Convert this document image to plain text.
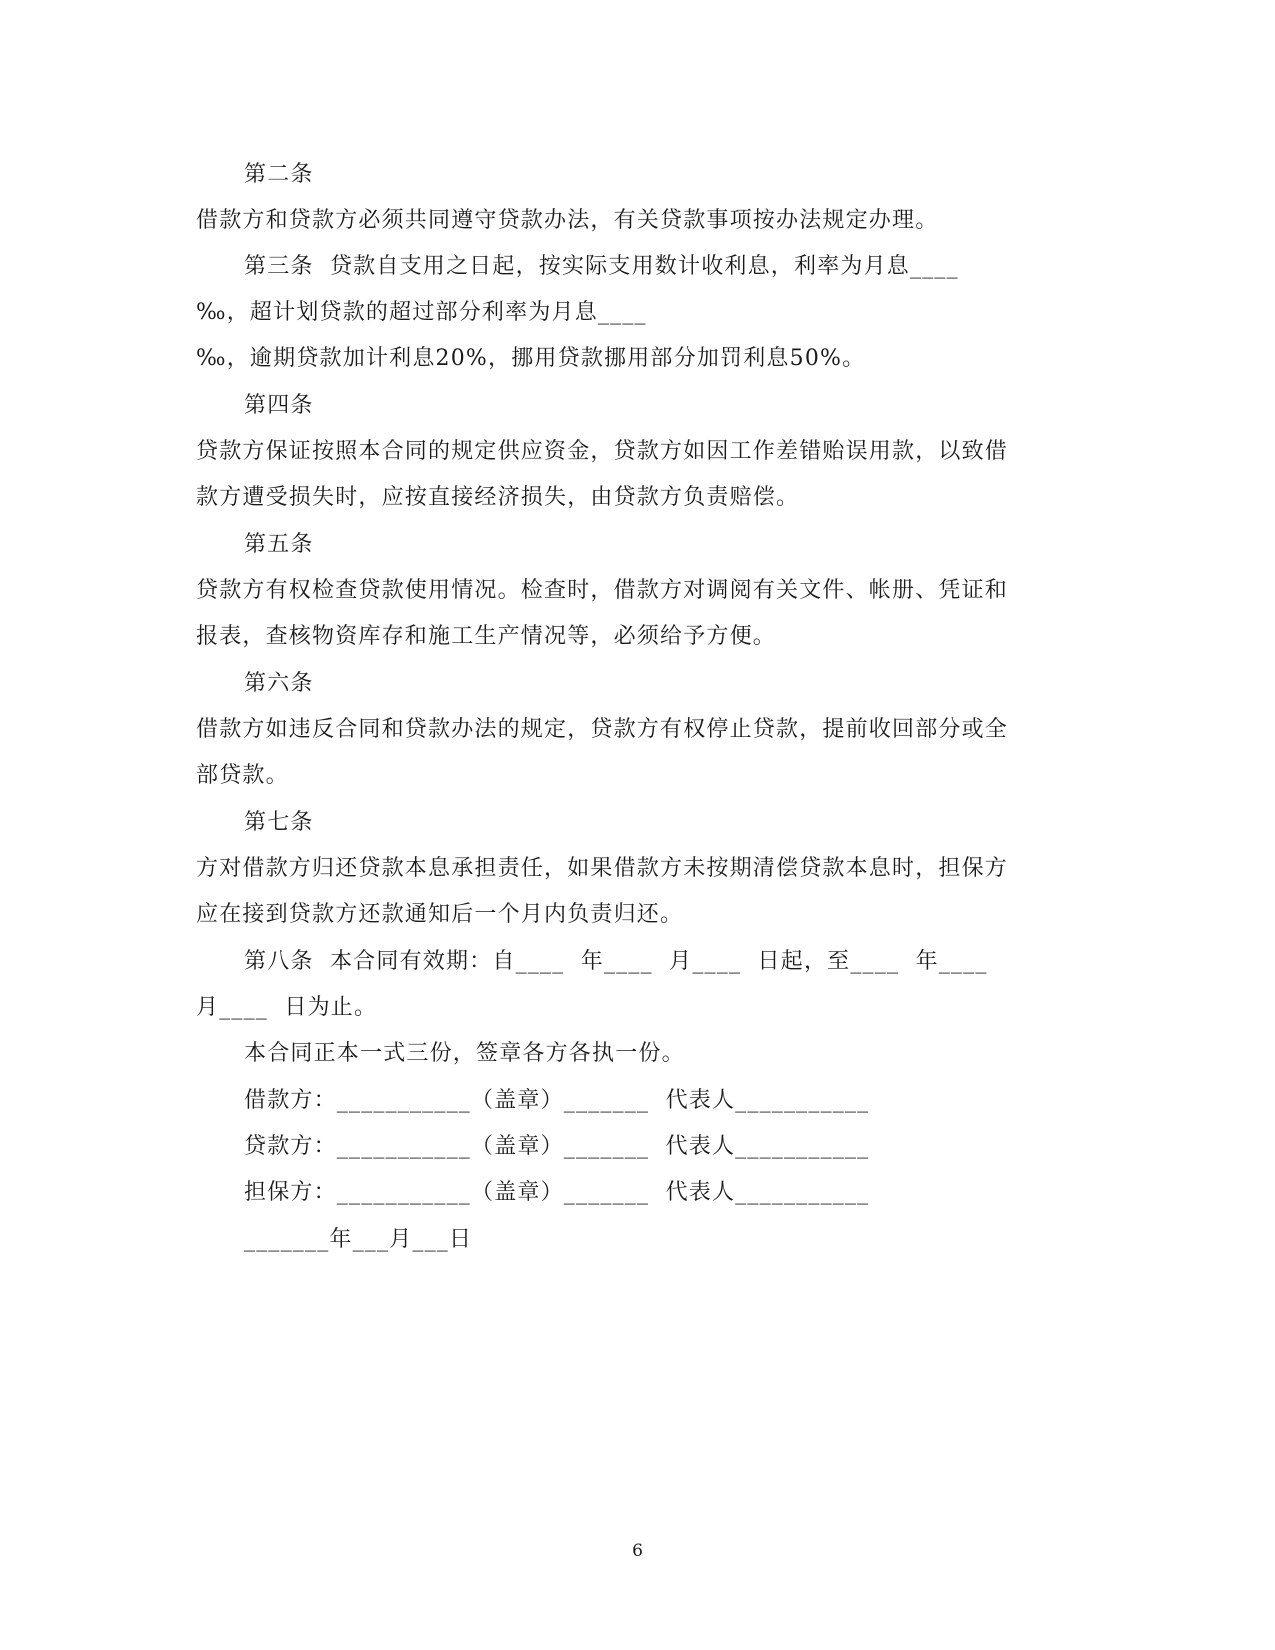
第二条
借款方和贷款方必须共同遵守贷款办法，有关贷款事项按办法规定办理。
第三条  贷款自支用之日起，按实际支用数计收利息，利率为月息____
‰，超计划贷款的超过部分利率为月息____
‰，逾期贷款加计利息20%，挪用贷款挪用部分加罚利息50%。
第四条
贷款方保证按照本合同的规定供应资金，贷款方如因工作差错贻误用款，以致借
款方遭受损失时，应按直接经济损失，由贷款方负责赔偿。
第五条
贷款方有权检查贷款使用情况。检查时，借款方对调阅有关文件、帐册、凭证和
报表，查核物资库存和施工生产情况等，必须给予方便。
第六条
借款方如违反合同和贷款办法的规定，贷款方有权停止贷款，提前收回部分或全
部贷款。
第七条
方对借款方归还贷款本息承担责任，如果借款方未按期清偿贷款本息时，担保方
应在接到贷款方还款通知后一个月内负责归还。
第八条  本合同有效期：自____  年____  月____  日起，至____  年____
月____  日为止。
本合同正本一式三份，签章各方各执一份。
借款方：___________（盖章）_______  代表人___________
贷款方：___________（盖章）_______  代表人___________
担保方：___________（盖章）_______  代表人___________
_______年___月___日
6
